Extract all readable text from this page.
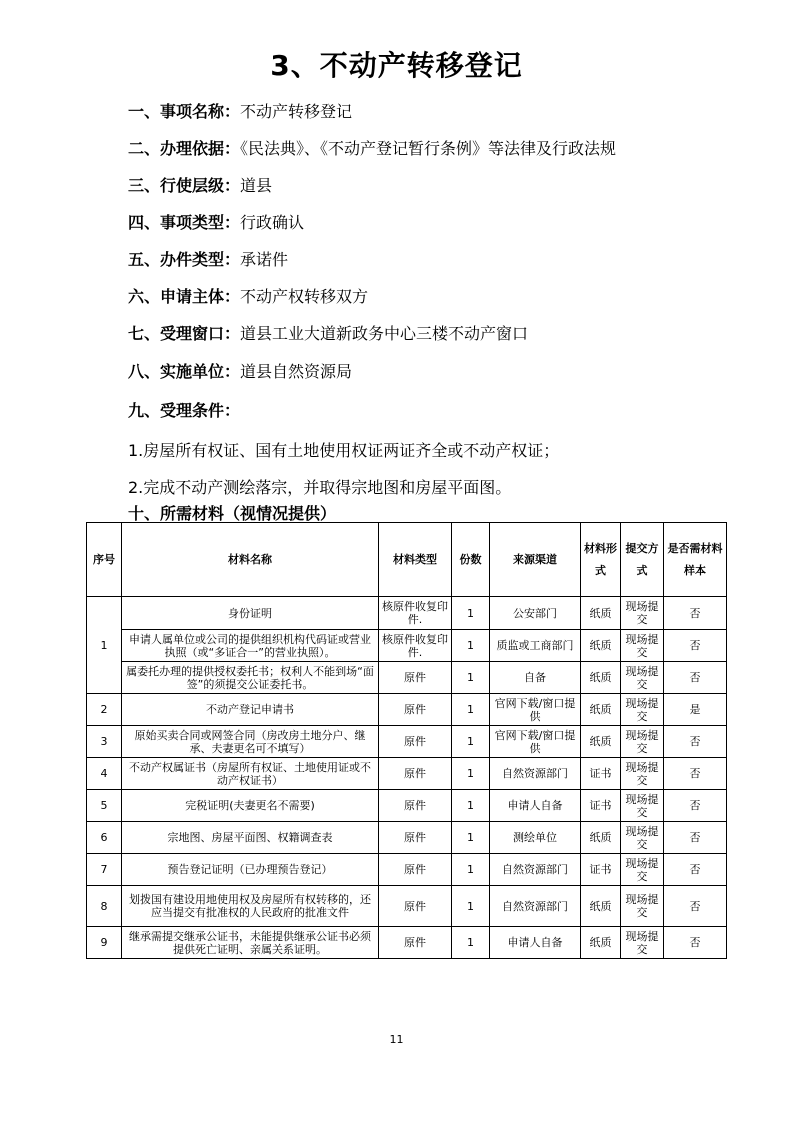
3、不动产转移登记
一、事项名称：不动产转移登记
二、办理依据：《民法典》、《不动产登记暂行条例》等法律及行政法规
三、行使层级：道县
四、事项类型：行政确认
五、办件类型：承诺件
六、申请主体：不动产权转移双方
七、受理窗口：道县工业大道新政务中心三楼不动产窗口
八、实施单位：道县自然资源局
九、受理条件：
1.房屋所有权证、国有土地使用权证两证齐全或不动产权证；
2.完成不动产测绘落宗，并取得宗地图和房屋平面图。
十、所需材料（视情况提供）
序号	材料名称	材料类型	份数	来源渠道	材料形式	提交方式	是否需材料样本
1	身份证明	核原件收复印件.	1	公安部门	纸质	现场提交	否
	申请人属单位或公司的提供组织机构代码证或营业执照（或“多证合一”的营业执照）。	核原件收复印件.	1	质监或工商部门	纸质	现场提交	否
	属委托办理的提供授权委托书；权利人不能到场“面签”的须提交公证委托书。	原件	1	自备	纸质	现场提交	否
2	不动产登记申请书	原件	1	官网下载/窗口提供	纸质	现场提交	是
3	原始买卖合同或网签合同（房改房土地分户、继承、夫妻更名可不填写）	原件	1	官网下载/窗口提供	纸质	现场提交	否
4	不动产权属证书（房屋所有权证、土地使用证或不动产权证书）	原件	1	自然资源部门	证书	现场提交	否
5	完税证明(夫妻更名不需要)	原件	1	申请人自备	证书	现场提交	否
6	宗地图、房屋平面图、权籍调查表	原件	1	测绘单位	纸质	现场提交	否
7	预告登记证明（已办理预告登记）	原件	1	自然资源部门	证书	现场提交	否
8	划拨国有建设用地使用权及房屋所有权转移的，还应当提交有批准权的人民政府的批准文件	原件	1	自然资源部门	纸质	现场提交	否
9	继承需提交继承公证书，未能提供继承公证书必须提供死亡证明、亲属关系证明。	原件	1	申请人自备	纸质	现场提交	否
11
